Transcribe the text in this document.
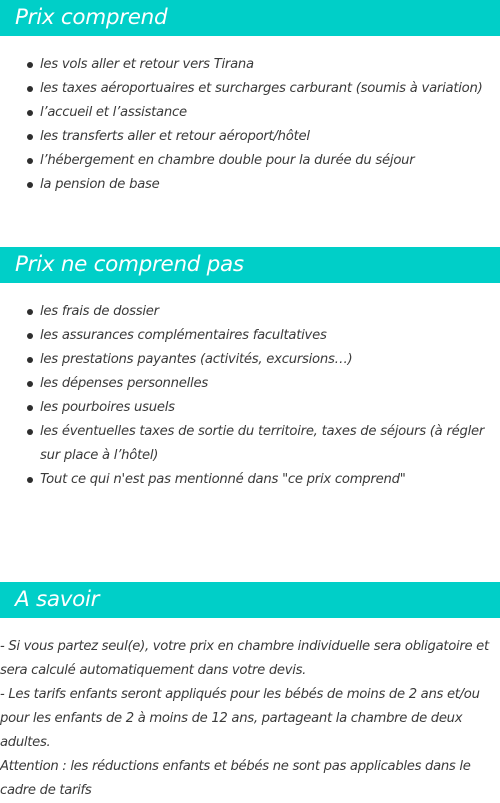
Prix comprend
les vols aller et retour vers Tirana
les taxes aéroportuaires et surcharges carburant (soumis à variation)
l’accueil et l’assistance
les transferts aller et retour aéroport/hôtel
l’hébergement en chambre double pour la durée du séjour
la pension de base
Prix ne comprend pas
les frais de dossier
les assurances complémentaires facultatives
les prestations payantes (activités, excursions…)
les dépenses personnelles
les pourboires usuels
les éventuelles taxes de sortie du territoire, taxes de séjours (à régler sur place à l’hôtel)
Tout ce qui n'est pas mentionné dans "ce prix comprend"
A savoir

- Si vous partez seul(e), votre prix en chambre individuelle sera obligatoire et sera calculé automatiquement dans votre devis.

- Les tarifs enfants seront appliqués pour les bébés de moins de 2 ans et/ou pour les enfants de 2 à moins de 12 ans, partageant la chambre de deux adultes.

Attention : les réductions enfants et bébés ne sont pas applicables dans le cadre de tarifs
